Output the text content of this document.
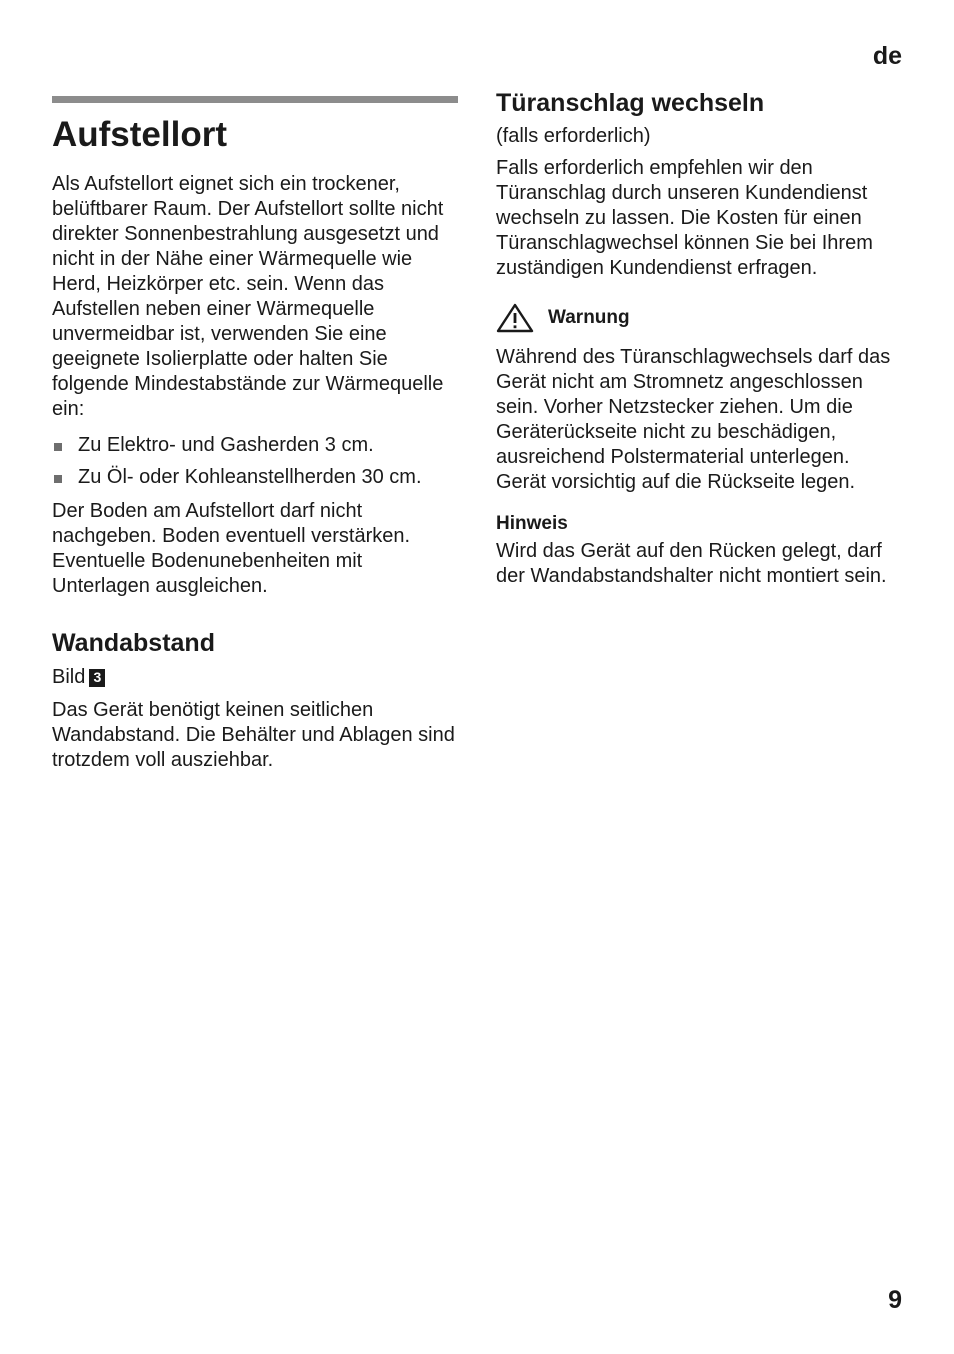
de
Aufstellort

Als Aufstellort eignet sich ein trockener, belüftbarer Raum. Der Aufstellort sollte nicht direkter Sonnenbestrahlung ausgesetzt und nicht in der Nähe einer Wärmequelle wie Herd, Heizkörper etc. sein. Wenn das Aufstellen neben einer Wärmequelle unvermeidbar ist, verwenden Sie eine geeignete Isolierplatte oder halten Sie folgende Mindestabstände zur Wärmequelle ein:

Zu Elektro- und Gasherden 3 cm.
Zu Öl- oder Kohleanstellherden 30 cm.

Der Boden am Aufstellort darf nicht nachgeben. Boden eventuell verstärken. Eventuelle Bodenunebenheiten mit Unterlagen ausgleichen.

Wandabstand

Bild 3

Das Gerät benötigt keinen seitlichen Wandabstand. Die Behälter und Ablagen sind trotzdem voll ausziehbar.

Türanschlag wechseln

(falls erforderlich)

Falls erforderlich empfehlen wir den Türanschlag durch unseren Kundendienst wechseln zu lassen. Die Kosten für einen Türanschlagwechsel können Sie bei Ihrem zuständigen Kundendienst erfragen.

Warnung

Während des Türanschlagwechsels darf das Gerät nicht am Stromnetz angeschlossen sein. Vorher Netzstecker ziehen. Um die Geräterückseite nicht zu beschädigen, ausreichend Polstermaterial unterlegen. Gerät vorsichtig auf die Rückseite legen.

Hinweis

Wird das Gerät auf den Rücken gelegt, darf der Wandabstandshalter nicht montiert sein.

9
